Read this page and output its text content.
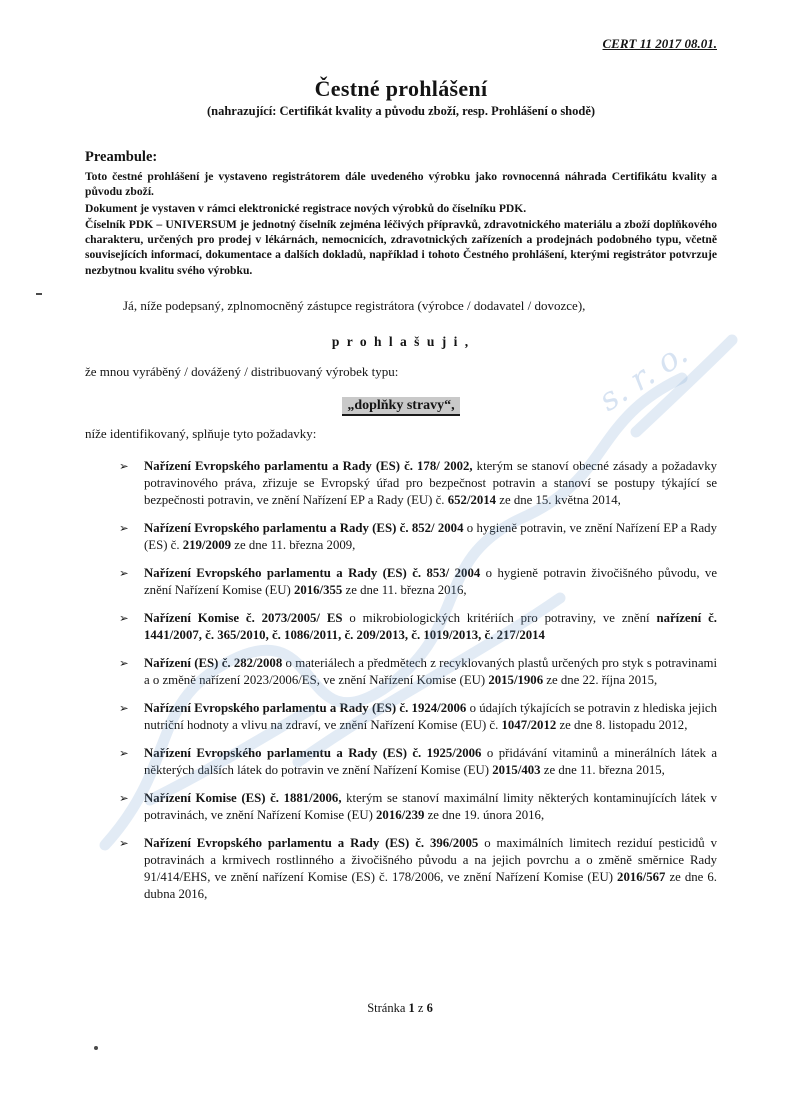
CERT 11 2017 08.01.
Čestné prohlášení
(nahrazující: Certifikát kvality a původu zboží, resp. Prohlášení o shodě)
Preambule:

Toto čestné prohlášení je vystaveno registrátorem dále uvedeného výrobku jako rovnocenná náhrada Certifikátu kvality a původu zboží.

Dokument je vystaven v rámci elektronické registrace nových výrobků do číselníku PDK.

Číselník PDK – UNIVERSUM je jednotný číselník zejména léčivých přípravků, zdravotnického materiálu a zboží doplňkového charakteru, určených pro prodej v lékárnách, nemocnicích, zdravotnických zařízeních a prodejnách podobného typu, včetně souvisejících informací, dokumentace a dalších dokladů, například i tohoto Čestného prohlášení, kterými registrátor potvrzuje nezbytnou kvalitu svého výrobku.

Já, níže podepsaný, zplnomocněný zástupce registrátora (výrobce / dodavatel / dovozce),

p r o h l a š u j i ,

že mnou vyráběný / dovážený / distribuovaný výrobek typu:

„doplňky stravy“,

níže identifikovaný, splňuje tyto požadavky:

➢	Nařízení Evropského parlamentu a Rady (ES) č. 178/ 2002, kterým se stanoví obecné zásady a požadavky potravinového práva, zřizuje se Evropský úřad pro bezpečnost potravin a stanoví se postupy týkající se bezpečnosti potravin, ve znění Nařízení EP a Rady (EU) č. 652/2014 ze dne 15. května 2014,
➢	Nařízení Evropského parlamentu a Rady (ES) č. 852/ 2004 o hygieně potravin, ve znění Nařízení EP a Rady (ES) č. 219/2009 ze dne 11. března 2009,
➢	Nařízení Evropského parlamentu a Rady (ES) č. 853/ 2004 o hygieně potravin živočišného původu, ve znění Nařízení Komise (EU) 2016/355 ze dne 11. března 2016,
➢	Nařízení Komise č. 2073/2005/ ES o mikrobiologických kritériích pro potraviny, ve znění nařízení č. 1441/2007, č. 365/2010, č. 1086/2011, č. 209/2013, č. 1019/2013, č. 217/2014
➢	Nařízení (ES) č. 282/2008 o materiálech a předmětech z recyklovaných plastů určených pro styk s potravinami a o změně nařízení 2023/2006/ES, ve znění Nařízení Komise (EU) 2015/1906 ze dne 22. října 2015,
➢	Nařízení Evropského parlamentu a Rady (ES) č. 1924/2006 o údajích týkajících se potravin z hlediska jejich nutriční hodnoty a vlivu na zdraví, ve znění Nařízení Komise (EU) č. 1047/2012 ze dne 8. listopadu 2012,
➢	Nařízení Evropského parlamentu a Rady (ES) č. 1925/2006 o přidávání vitaminů a minerálních látek a některých dalších látek do potravin ve znění Nařízení Komise (EU) 2015/403 ze dne 11. března 2015,
➢	Nařízení Komise (ES) č. 1881/2006, kterým se stanoví maximální limity některých kontaminujících látek v potravinách, ve znění Nařízení Komise (EU) 2016/239 ze dne 19. února 2016,
➢	Nařízení Evropského parlamentu a Rady (ES) č. 396/2005 o maximálních limitech reziduí pesticidů v potravinách a krmivech rostlinného a živočišného původu a na jejich povrchu a o změně směrnice Rady 91/414/EHS, ve znění nařízení Komise (ES) č. 178/2006, ve znění Nařízení Komise (EU) 2016/567 ze dne 6. dubna 2016,
Stránka 1 z 6
s. r. o.
